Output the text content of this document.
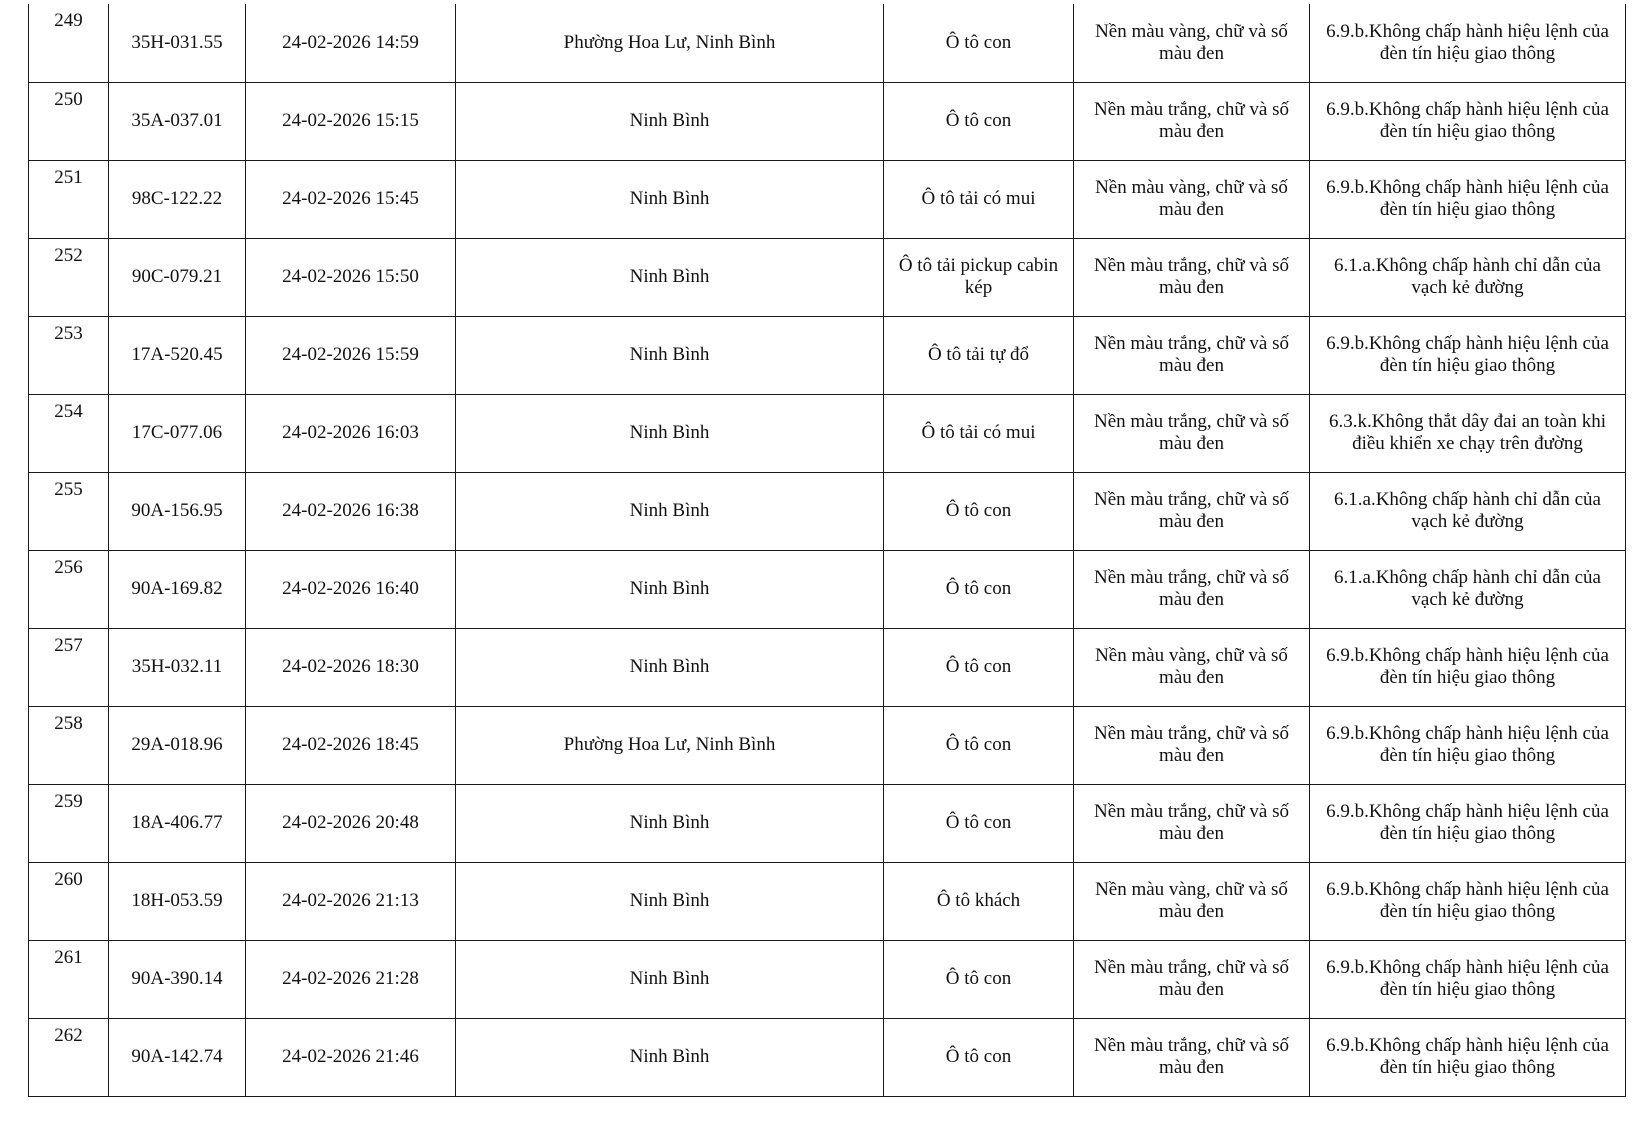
249	35H-031.55	24-02-2026 14:59	Phường Hoa Lư, Ninh Bình	Ô tô con	Nền màu vàng, chữ và số màu đen	6.9.b.Không chấp hành hiệu lệnh của đèn tín hiệu giao thông
250	35A-037.01	24-02-2026 15:15	Ninh Bình	Ô tô con	Nền màu trắng, chữ và số màu đen	6.9.b.Không chấp hành hiệu lệnh của đèn tín hiệu giao thông
251	98C-122.22	24-02-2026 15:45	Ninh Bình	Ô tô tải có mui	Nền màu vàng, chữ và số màu đen	6.9.b.Không chấp hành hiệu lệnh của đèn tín hiệu giao thông
252	90C-079.21	24-02-2026 15:50	Ninh Bình	Ô tô tải pickup cabin kép	Nền màu trắng, chữ và số màu đen	6.1.a.Không chấp hành chỉ dẫn của vạch kẻ đường
253	17A-520.45	24-02-2026 15:59	Ninh Bình	Ô tô tải tự đổ	Nền màu trắng, chữ và số màu đen	6.9.b.Không chấp hành hiệu lệnh của đèn tín hiệu giao thông
254	17C-077.06	24-02-2026 16:03	Ninh Bình	Ô tô tải có mui	Nền màu trắng, chữ và số màu đen	6.3.k.Không thắt dây đai an toàn khi điều khiển xe chạy trên đường
255	90A-156.95	24-02-2026 16:38	Ninh Bình	Ô tô con	Nền màu trắng, chữ và số màu đen	6.1.a.Không chấp hành chỉ dẫn của vạch kẻ đường
256	90A-169.82	24-02-2026 16:40	Ninh Bình	Ô tô con	Nền màu trắng, chữ và số màu đen	6.1.a.Không chấp hành chỉ dẫn của vạch kẻ đường
257	35H-032.11	24-02-2026 18:30	Ninh Bình	Ô tô con	Nền màu vàng, chữ và số màu đen	6.9.b.Không chấp hành hiệu lệnh của đèn tín hiệu giao thông
258	29A-018.96	24-02-2026 18:45	Phường Hoa Lư, Ninh Bình	Ô tô con	Nền màu trắng, chữ và số màu đen	6.9.b.Không chấp hành hiệu lệnh của đèn tín hiệu giao thông
259	18A-406.77	24-02-2026 20:48	Ninh Bình	Ô tô con	Nền màu trắng, chữ và số màu đen	6.9.b.Không chấp hành hiệu lệnh của đèn tín hiệu giao thông
260	18H-053.59	24-02-2026 21:13	Ninh Bình	Ô tô khách	Nền màu vàng, chữ và số màu đen	6.9.b.Không chấp hành hiệu lệnh của đèn tín hiệu giao thông
261	90A-390.14	24-02-2026 21:28	Ninh Bình	Ô tô con	Nền màu trắng, chữ và số màu đen	6.9.b.Không chấp hành hiệu lệnh của đèn tín hiệu giao thông
262	90A-142.74	24-02-2026 21:46	Ninh Bình	Ô tô con	Nền màu trắng, chữ và số màu đen	6.9.b.Không chấp hành hiệu lệnh của đèn tín hiệu giao thông
